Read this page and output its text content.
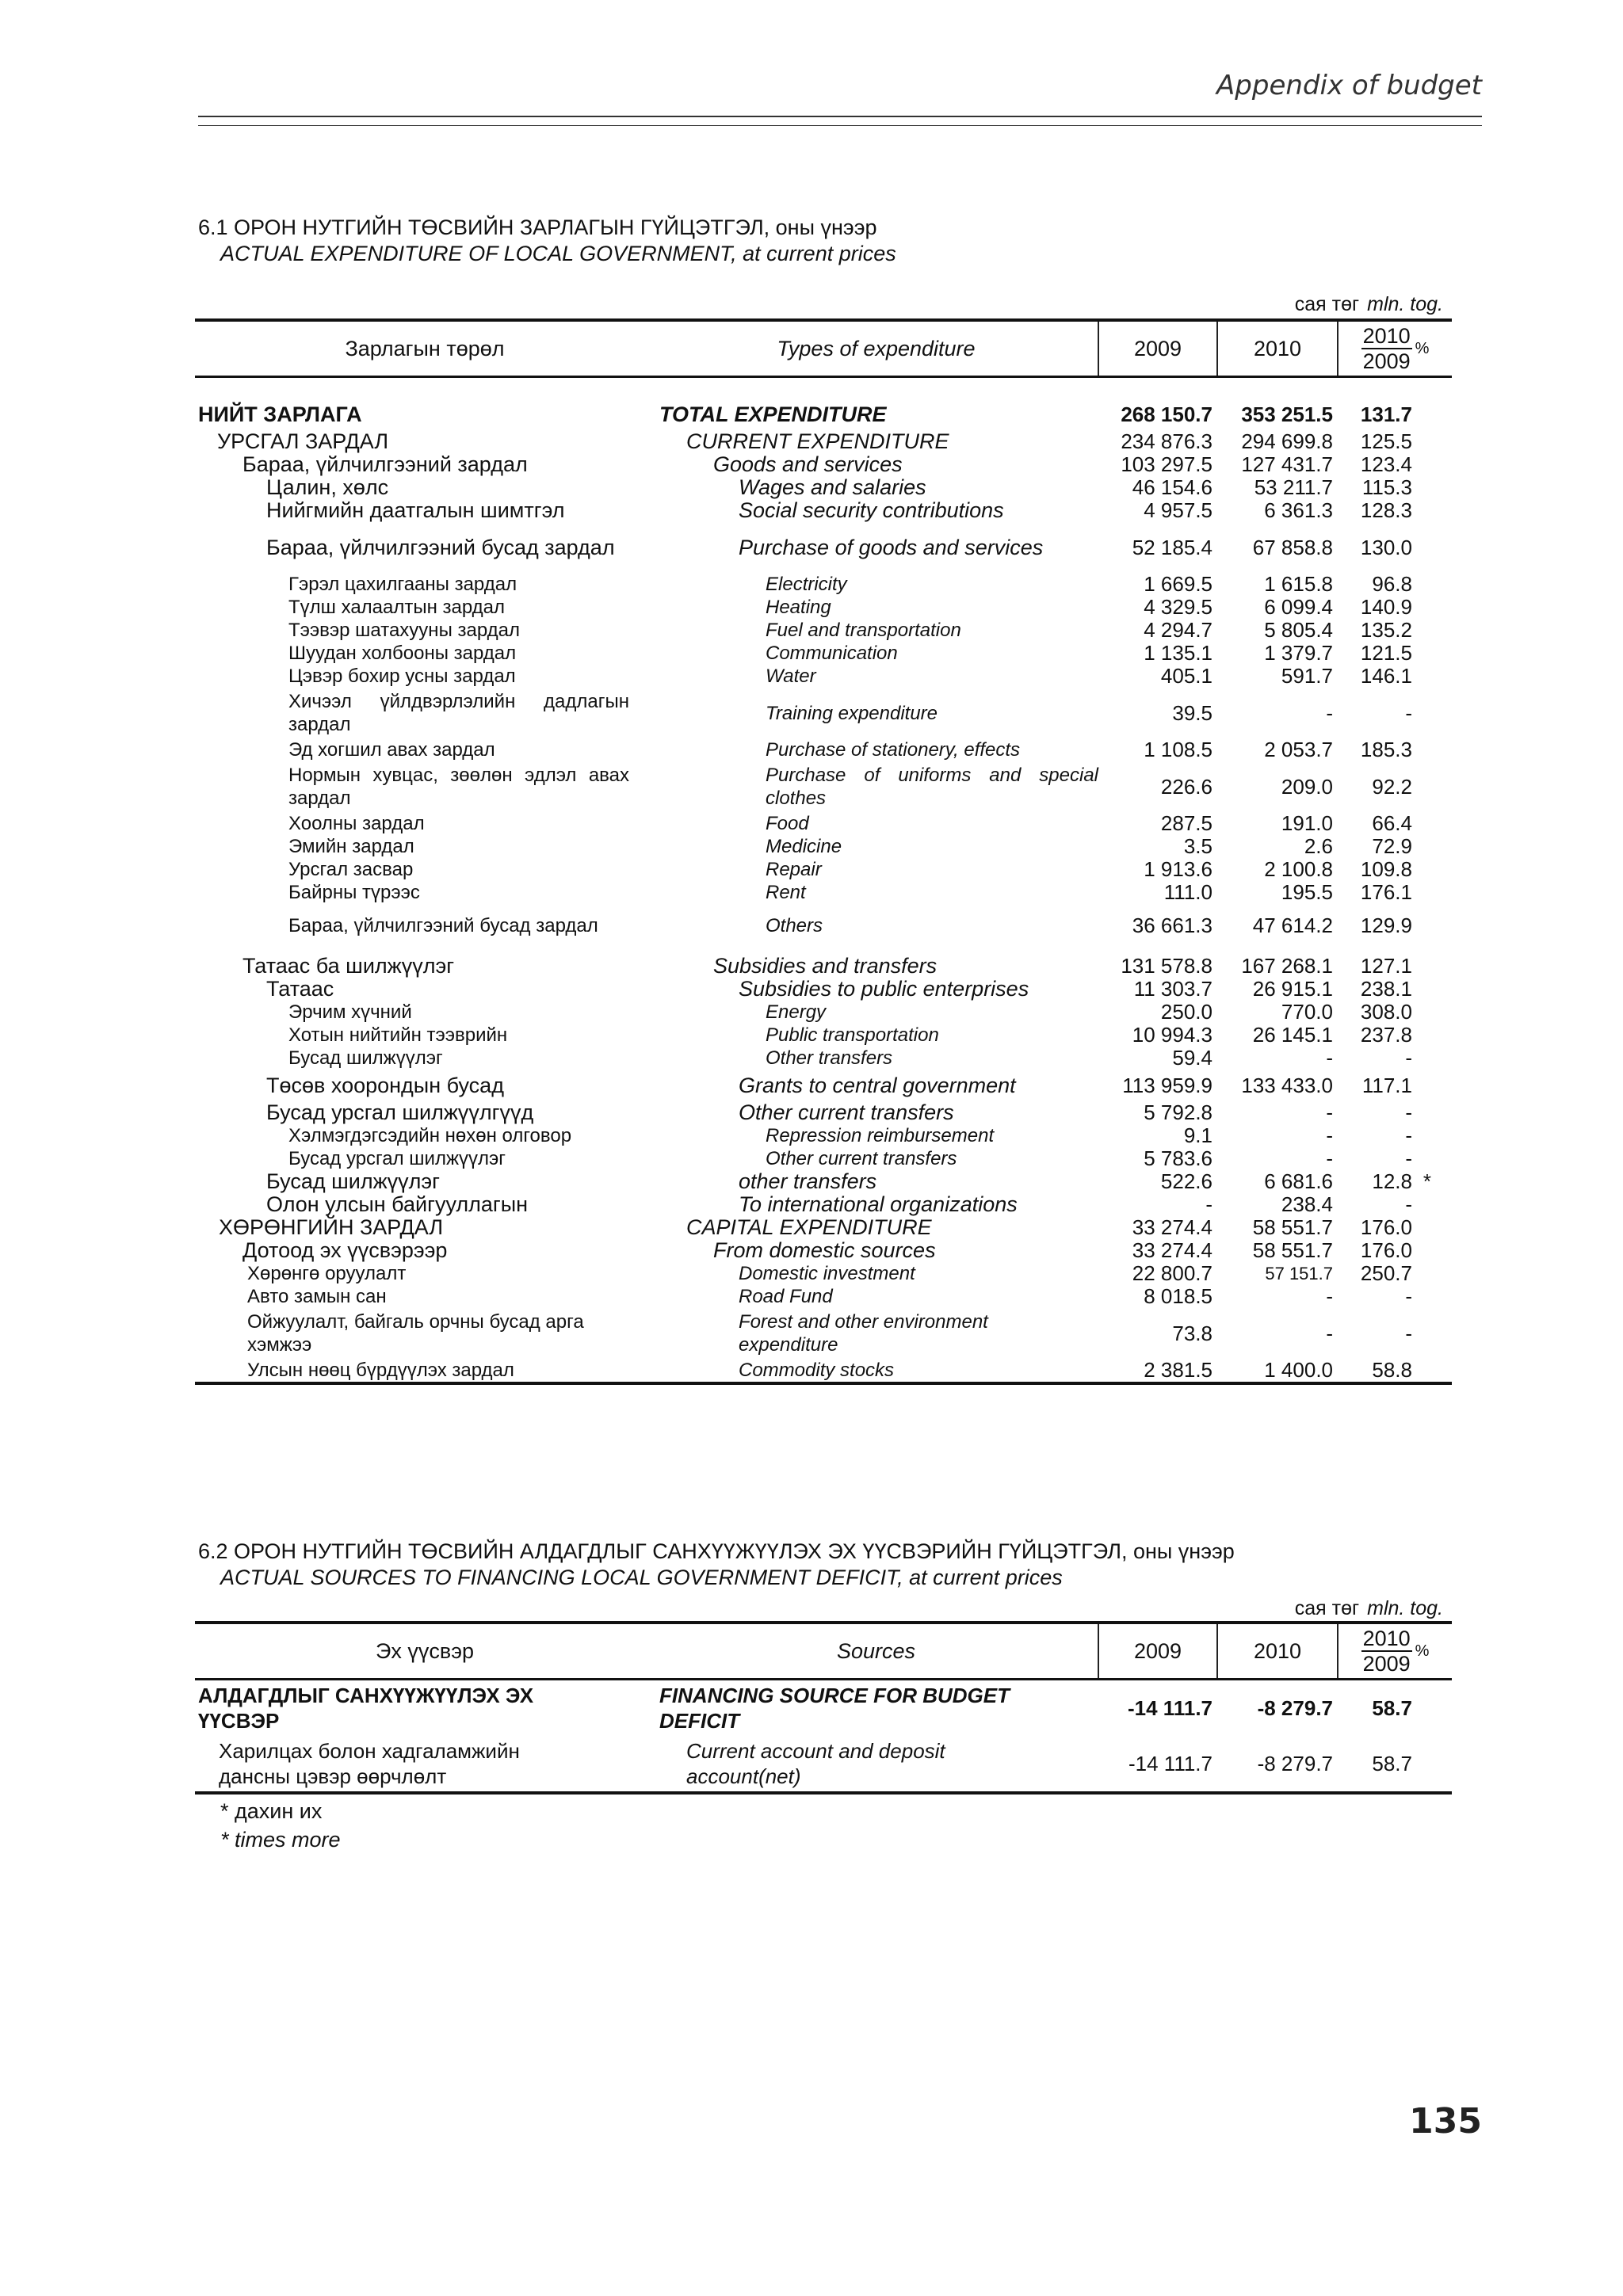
Appendix of budget
6.1 ОРОН НУТГИЙН ТӨСВИЙН ЗАРЛАГЫН ГҮЙЦЭТГЭЛ, оны үнээр
ACTUAL EXPENDITURE OF LOCAL GOVERNMENT, at current prices
сая төг mln. tog.
Зарлагын төрөл	Types of expenditure	2009	2010	$\frac{2010}{2009}$ %

НИЙТ ЗАРЛАГА	TOTAL EXPENDITURE	268 150.7	353 251.5	131.7
УРСГАЛ ЗАРДАЛ	CURRENT EXPENDITURE	234 876.3	294 699.8	125.5
Бараа, үйлчилгээний зардал	Goods and services	103 297.5	127 431.7	123.4
Цалин, хөлс	Wages and salaries	46 154.6	53 211.7	115.3
Нийгмийн даатгалын шимтгэл	Social security contributions	4 957.5	6 361.3	128.3

Бараа, үйлчилгээний бусад зардал	Purchase of goods and services	52 185.4	67 858.8	130.0
Гэрэл цахилгааны зардал	Electricity	1 669.5	1 615.8	96.8
Түлш халаалтын зардал	Heating	4 329.5	6 099.4	140.9
Тээвэр шатахууны зардал	Fuel and transportation	4 294.7	5 805.4	135.2
Шуудан холбооны зардал	Communication	1 135.1	1 379.7	121.5
Цэвэр бохир усны зардал	Water	405.1	591.7	146.1

Хичээл үйлдвэрлэлийн дадлагын зардал	Training expenditure	39.5	-	-
Эд хогшил авах зардал	Purchase of stationery, effects	1 108.5	2 053.7	185.3

Нормын хувцас, зөөлөн эдлэл авах зардал	Purchase of uniforms and special clothes	226.6	209.0	92.2
Хоолны зардал	Food	287.5	191.0	66.4
Эмийн зардал	Medicine	3.5	2.6	72.9
Урсгал засвар	Repair	1 913.6	2 100.8	109.8
Байрны түрээс	Rent	111.0	195.5	176.1
Бараа, үйлчилгээний бусад зардал	Others	36 661.3	47 614.2	129.9

Татаас ба шилжүүлэг	Subsidies and transfers	131 578.8	167 268.1	127.1
Татаас	Subsidies to public enterprises	11 303.7	26 915.1	238.1
Эрчим хүчний	Energy	250.0	770.0	308.0
Хотын нийтийн тээврийн	Public transportation	10 994.3	26 145.1	237.8
Бусад шилжүүлэг	Other transfers	59.4	-	-
Төсөв хоорондын бусад	Grants to central government	113 959.9	133 433.0	117.1
Бусад урсгал шилжүүлгүүд	Other current transfers	5 792.8	-	-
Хэлмэгдэгсэдийн нөхөн олговор	Repression reimbursement	9.1	-	-
Бусад урсгал шилжүүлэг	Other current transfers	5 783.6	-	-
Бусад шилжүүлэг	other transfers	522.6	6 681.6	12.8 *

Олон улсын байгууллагын	To international organizations	-	238.4	-
ХӨРӨНГИЙН ЗАРДАЛ	CAPITAL EXPENDITURE	33 274.4	58 551.7	176.0
Дотоод эх үүсвэрээр	From domestic sources	33 274.4	58 551.7	176.0
Хөрөнгө оруулалт	Domestic investment	22 800.7	57 151.7	250.7
Авто замын сан	Road Fund	8 018.5	-	-

Ойжуулалт, байгаль орчны бусад арга хэмжээ	Forest and other environment expenditure	73.8	-	-
Улсын нөөц бүрдүүлэх зардал	Commodity stocks	2 381.5	1 400.0	58.8
6.2 ОРОН НУТГИЙН ТӨСВИЙН АЛДАГДЛЫГ САНХҮҮЖҮҮЛЭХ ЭХ ҮҮСВЭРИЙН ГҮЙЦЭТГЭЛ, оны үнээр
ACTUAL SOURCES TO FINANCING LOCAL GOVERNMENT DEFICIT, at current prices
сая төг mln. tog.
Эх үүсвэр	Sources	2009	2010	$\frac{2010}{2009}$ %

АЛДАГДЛЫГ САНХҮҮЖҮҮЛЭХ ЭХ ҮҮСВЭР	FINANCING SOURCE FOR BUDGET DEFICIT	-14 111.7	-8 279.7	58.7

Харилцах болон хадгаламжийн дансны цэвэр өөрчлөлт	Current account and deposit account(net)	-14 111.7	-8 279.7	58.7
* дахин их
* times more
135
